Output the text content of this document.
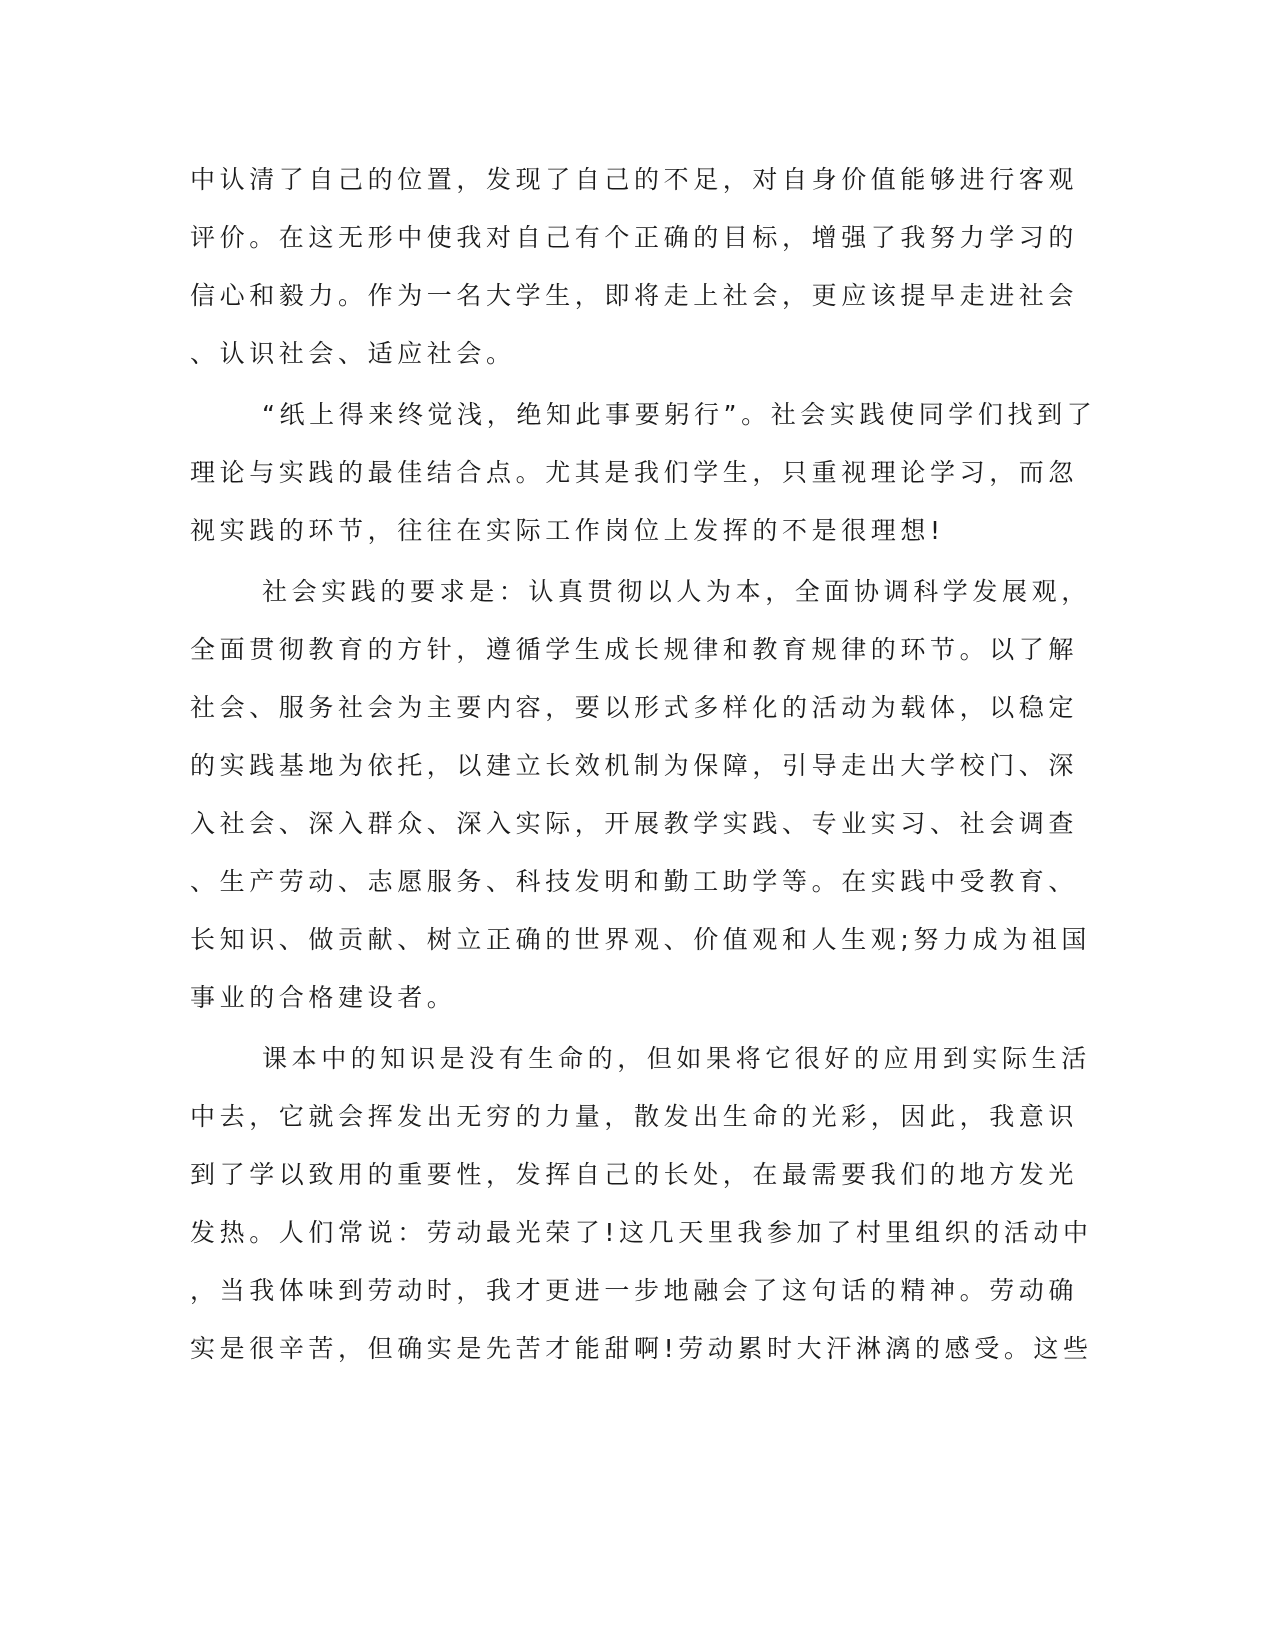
中认清了自己的位置，发现了自己的不足，对自身价值能够进行客观
评价。在这无形中使我对自己有个正确的目标，增强了我努力学习的
信心和毅力。作为一名大学生，即将走上社会，更应该提早走进社会
、认识社会、适应社会。
“纸上得来终觉浅，绝知此事要躬行”。社会实践使同学们找到了
理论与实践的最佳结合点。尤其是我们学生，只重视理论学习，而忽
视实践的环节，往往在实际工作岗位上发挥的不是很理想!
社会实践的要求是：认真贯彻以人为本，全面协调科学发展观，
全面贯彻教育的方针，遵循学生成长规律和教育规律的环节。以了解
社会、服务社会为主要内容，要以形式多样化的活动为载体，以稳定
的实践基地为依托，以建立长效机制为保障，引导走出大学校门、深
入社会、深入群众、深入实际，开展教学实践、专业实习、社会调查
、生产劳动、志愿服务、科技发明和勤工助学等。在实践中受教育、
长知识、做贡献、树立正确的世界观、价值观和人生观;努力成为祖国
事业的合格建设者。
课本中的知识是没有生命的，但如果将它很好的应用到实际生活
中去，它就会挥发出无穷的力量，散发出生命的光彩，因此，我意识
到了学以致用的重要性，发挥自己的长处，在最需要我们的地方发光
发热。人们常说：劳动最光荣了!这几天里我参加了村里组织的活动中
，当我体味到劳动时，我才更进一步地融会了这句话的精神。劳动确
实是很辛苦，但确实是先苦才能甜啊!劳动累时大汗淋漓的感受。这些
